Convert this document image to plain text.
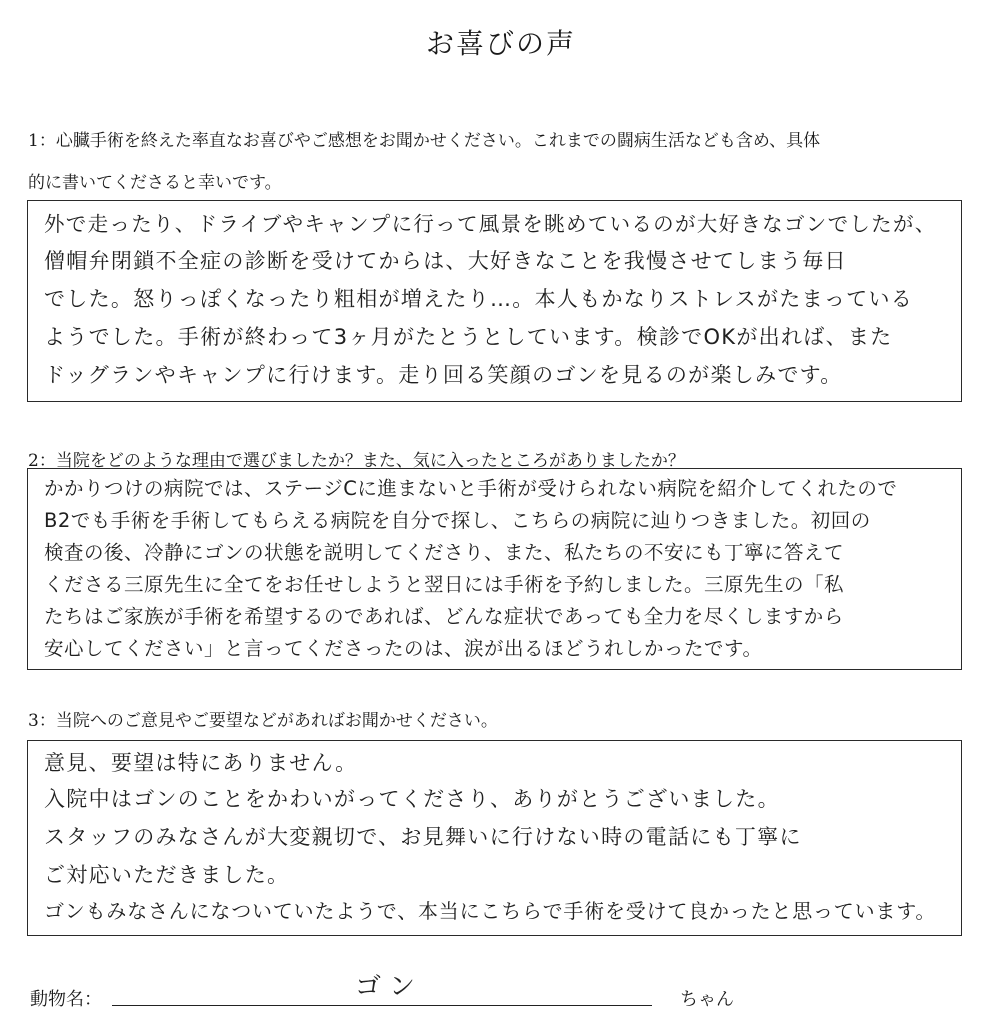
お喜びの声
1：心臓手術を終えた率直なお喜びやご感想をお聞かせください。これまでの闘病生活なども含め、具体
的に書いてくださると幸いです。
外で走ったり、ドライブやキャンプに行って風景を眺めているのが大好きなゴンでしたが、
僧帽弁閉鎖不全症の診断を受けてからは、大好きなことを我慢させてしまう毎日
でした。怒りっぽくなったり粗相が増えたり…。本人もかなりストレスがたまっている
ようでした。手術が終わって3ヶ月がたとうとしています。検診でOKが出れば、また
ドッグランやキャンプに行けます。走り回る笑顔のゴンを見るのが楽しみです。
2：当院をどのような理由で選びましたか？また、気に入ったところがありましたか？
かかりつけの病院では、ステージCに進まないと手術が受けられない病院を紹介してくれたので
B2でも手術を手術してもらえる病院を自分で探し、こちらの病院に辿りつきました。初回の
検査の後、冷静にゴンの状態を説明してくださり、また、私たちの不安にも丁寧に答えて
くださる三原先生に全てをお任せしようと翌日には手術を予約しました。三原先生の「私
たちはご家族が手術を希望するのであれば、どんな症状であっても全力を尽くしますから
安心してください」と言ってくださったのは、涙が出るほどうれしかったです。
3：当院へのご意見やご要望などがあればお聞かせください。
意見、要望は特にありません。
入院中はゴンのことをかわいがってくださり、ありがとうございました。
スタッフのみなさんが大変親切で、お見舞いに行けない時の電話にも丁寧に
ご対応いただきました。
ゴンもみなさんになついていたようで、本当にこちらで手術を受けて良かったと思っています。
動物名：	ゴン	ちゃん
